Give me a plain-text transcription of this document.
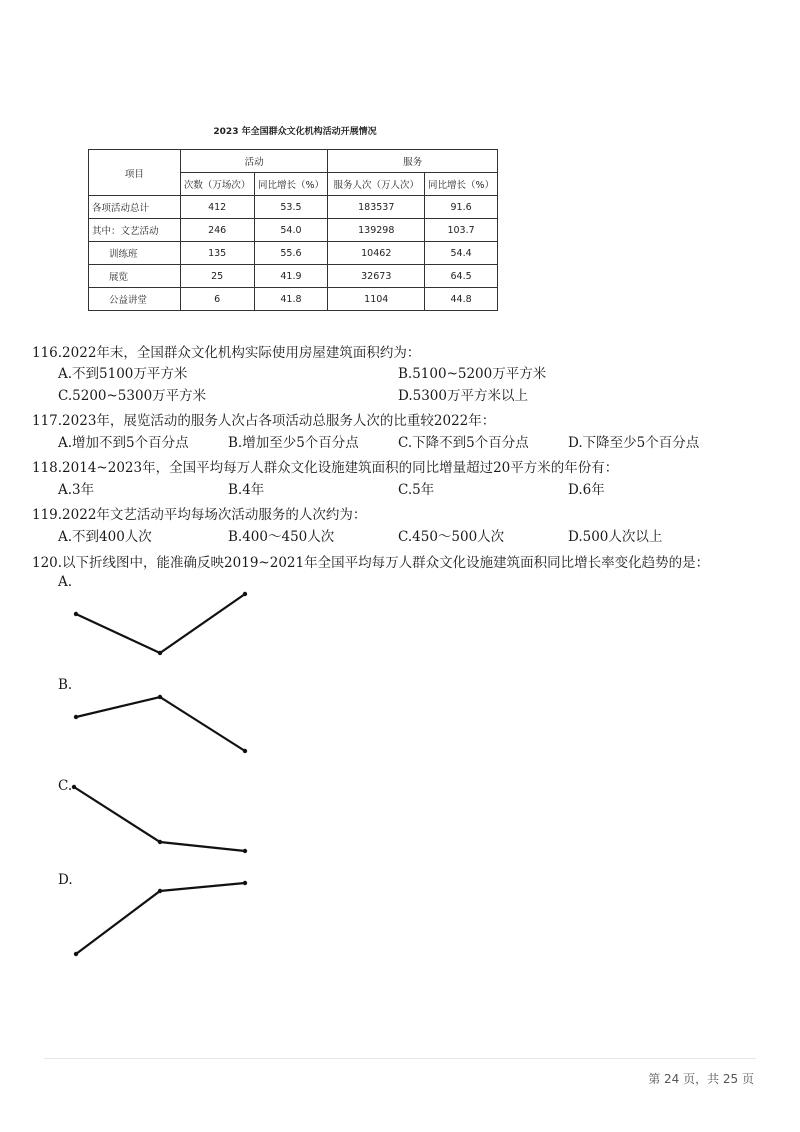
2023 年全国群众文化机构活动开展情况
项目	活动		服务	
	次数（万场次）	同比增长（%）	服务人次（万人次）	同比增长（%）
各项活动总计	412	53.5	183537	91.6
其中：文艺活动	246	54.0	139298	103.7
训练班	135	55.6	10462	54.4
展览	25	41.9	32673	64.5
公益讲堂	6	41.8	1104	44.8
116.2022年末，全国群众文化机构实际使用房屋建筑面积约为：
A.不到5100万平方米	B.5100~5200万平方米
C.5200~5300万平方米	D.5300万平方米以上
117.2023年，展览活动的服务人次占各项活动总服务人次的比重较2022年：
A.增加不到5个百分点	B.增加至少5个百分点	C.下降不到5个百分点	D.下降至少5个百分点
118.2014~2023年，全国平均每万人群众文化设施建筑面积的同比增量超过20平方米的年份有：
A.3年	B.4年	C.5年	D.6年
119.2022年文艺活动平均每场次活动服务的人次约为：
A.不到400人次	B.400～450人次	C.450～500人次	D.500人次以上
120.以下折线图中，能准确反映2019~2021年全国平均每万人群众文化设施建筑面积同比增长率变化趋势的是：
A.
B.
C.
D.
第 24 页，共 25 页
